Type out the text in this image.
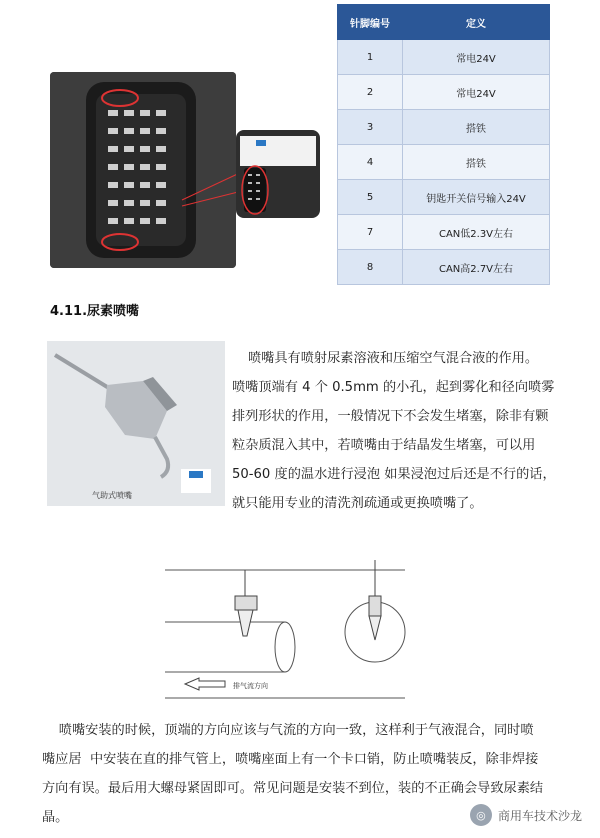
针脚编号	定义
1	常电24V
2	常电24V
3	搭铁
4	搭铁
5	钥匙开关信号输入24V
7	CAN低2.3V左右
8	CAN高2.7V左右
4.11.尿素喷嘴
气助式喷嘴
喷嘴具有喷射尿素溶液和压缩空气混合液的作用。
喷嘴顶端有 4 个 0.5mm 的小孔，起到雾化和径向喷雾
排列形状的作用，一般情况下不会发生堵塞，除非有颗
粒杂质混入其中，若喷嘴由于结晶发生堵塞，可以用
50-60 度的温水进行浸泡 如果浸泡过后还是不行的话，
就只能用专业的清洗剂疏通或更换喷嘴了。
排气流方向
喷嘴安装的时候，顶端的方向应该与气流的方向一致，这样利于气液混合，同时喷
嘴应居  中安装在直的排气管上，喷嘴座面上有一个卡口销，防止喷嘴装反，除非焊接
方向有误。最后用大螺母紧固即可。常见问题是安装不到位，装的不正确会导致尿素结
晶。	◎	商用车技术沙龙
